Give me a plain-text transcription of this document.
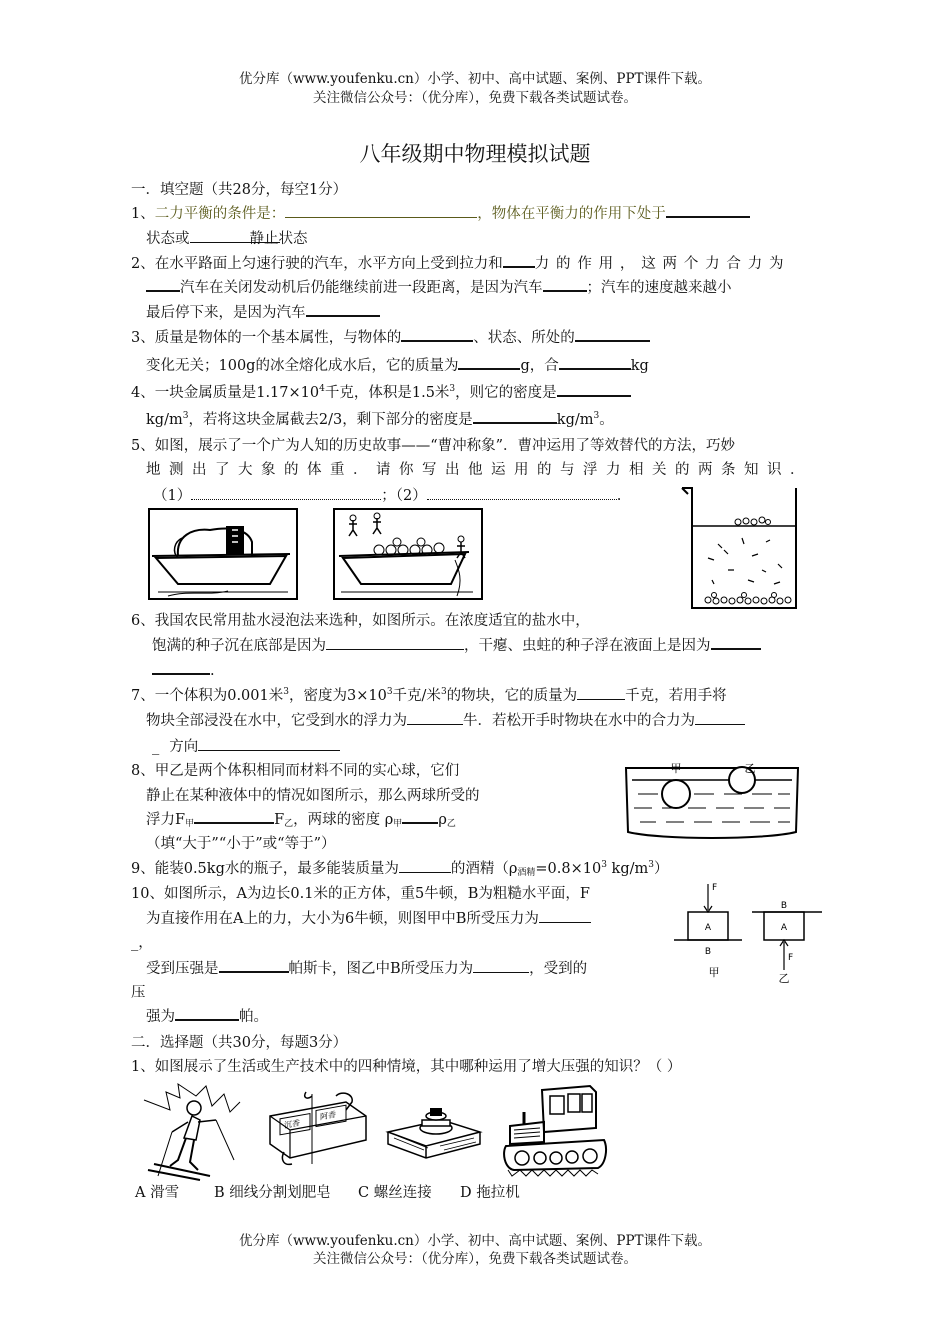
优分库（www.youfenku.cn）小学、初中、高中试题、案例、PPT课件下载。
关注微信公众号：（优分库），免费下载各类试题试卷。
八年级期中物理模拟试题
一．填空题（共28分，每空1分）
1、二力平衡的条件是：	，物体在平衡力的作用下处于
状态或	静止状态
2、在水平路面上匀速行驶的汽车，水平方向上受到拉力和 力的作用，这两个力合力为
汽车在关闭发动机后仍能继续前进一段距离，是因为汽车	；汽车的速度越来越小
最后停下来，是因为汽车
3、质量是物体的一个基本属性，与物体的	、状态、所处的
变化无关；100g的冰全熔化成水后，它的质量为	g，合	kg
4、一块金属质量是$1.17\times 10^4$千克，体积是1.5米$^3$，则它的密度是
$kg/m^3$，若将这块金属截去2/3，剩下部分的密度是	$kg/m^3$。
5、如图，展示了一个广为人知的历史故事——“曹冲称象”．曹冲运用了等效替代的方法，巧妙
地测出了大象的体重．请你写出他运用的与浮力相关的两条知识．
（1）	；（2）	.
6、我国农民常用盐水浸泡法来选种，如图所示。在浓度适宜的盐水中，
饱满的种子沉在底部是因为	，干瘪、虫蛀的种子浮在液面上是因为
.
7、一个体积为0.001米$^3$，密度为$3\times 10^3$千克/米$^3$的物块，它的质量为	千克，若用手将
物块全部浸没在水中，它受到水的浮力为	牛．若松开手时物块在水中的合力为
_ 方向
8、甲乙是两个体积相同而材料不同的实心球，它们
静止在某种液体中的情况如图所示，那么两球所受的
浮力$F_甲$	$F_乙$，两球的密度 $\rho_甲$ $\rho_乙$
（填“大于”“小于”或“等于”）
甲	乙
9、能装0.5kg水的瓶子，最多能装质量为	的酒精（$\rho_{酒精}=0.8\times 10^3$ $kg/m^3$）
10、如图所示，A为边长0.1米的正方体，重5牛顿，B为粗糙水平面，F
为直接作用在A上的力，大小为6牛顿，则图甲中B所受压力为
_，
受到压强是	帕斯卡，图乙中B所受压力为	，受到的
压
强为	帕。
F
A
B
甲
B
A
F
乙
二．选择题（共30分，每题3分）
1、如图展示了生活或生产技术中的四种情境，其中哪种运用了增大压强的知识？（ ）
沉香
阿香
A 滑雪 B 细线分割划肥皂 C 螺丝连接 D 拖拉机
优分库（www.youfenku.cn）小学、初中、高中试题、案例、PPT课件下载。
关注微信公众号：（优分库），免费下载各类试题试卷。
